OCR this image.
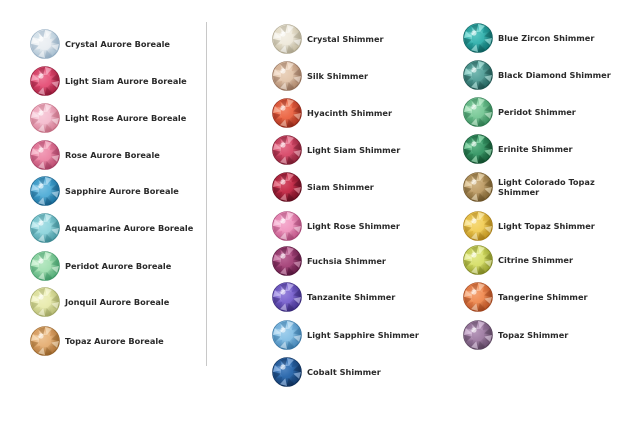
Crystal Aurore Boreale
Light Siam Aurore Boreale
Light Rose Aurore Boreale
Rose Aurore Boreale
Sapphire Aurore Boreale
Aquamarine Aurore Boreale
Peridot Aurore Boreale
Jonquil Aurore Boreale
Topaz Aurore Boreale
Crystal Shimmer
Silk Shimmer
Hyacinth Shimmer
Light Siam Shimmer
Siam Shimmer
Light Rose Shimmer
Fuchsia Shimmer
Tanzanite Shimmer
Light Sapphire Shimmer
Cobalt Shimmer
Blue Zircon Shimmer
Black Diamond Shimmer
Peridot Shimmer
Erinite Shimmer
Light Colorado Topaz Shimmer
Light Topaz Shimmer
Citrine Shimmer
Tangerine Shimmer
Topaz Shimmer
